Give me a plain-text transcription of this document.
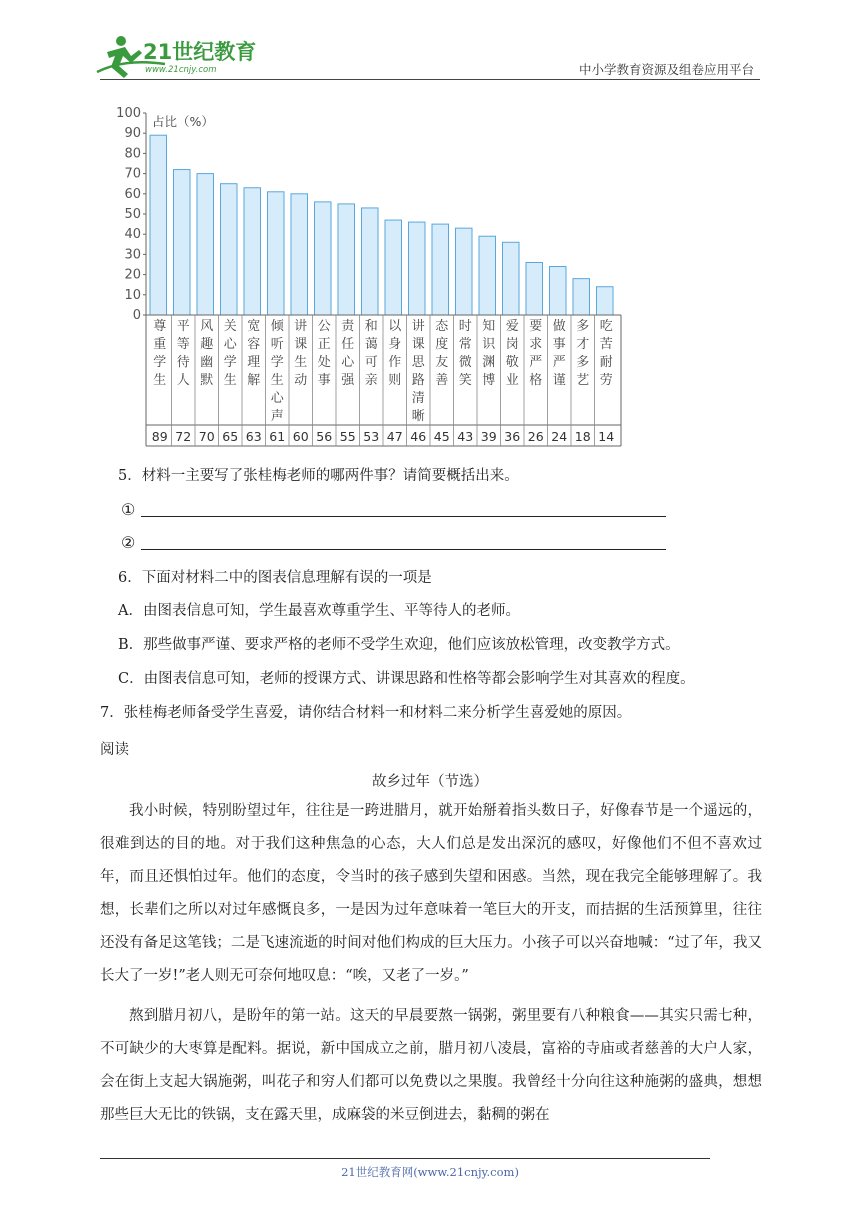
21世纪教育
www.21cnjy.com	中小学教育资源及组卷应用平台
占比（%）
0
10
20
30
40
50
60
70
80
90
100
尊
重
学
生
89
平
等
待
人
72
风
趣
幽
默
70
关
心
学
生
65
宽
容
理
解
63
倾
听
学
生
心
声
61
讲
课
生
动
60
公
正
处
事
56
责
任
心
强
55
和
蔼
可
亲
53
以
身
作
则
47
讲
课
思
路
清
晰
46
态
度
友
善
45
时
常
微
笑
43
知
识
渊
博
39
爱
岗
敬
业
36
要
求
严
格
26
做
事
严
谨
24
多
才
多
艺
18
吃
苦
耐
劳
14
5．材料一主要写了张桂梅老师的哪两件事？请简要概括出来。
①
②
6．下面对材料二中的图表信息理解有误的一项是
A．由图表信息可知，学生最喜欢尊重学生、平等待人的老师。
B．那些做事严谨、要求严格的老师不受学生欢迎，他们应该放松管理，改变教学方式。
C．由图表信息可知，老师的授课方式、讲课思路和性格等都会影响学生对其喜欢的程度。
7．张桂梅老师备受学生喜爱，请你结合材料一和材料二来分析学生喜爱她的原因。
阅读
故乡过年（节选）
我小时候，特别盼望过年，往往是一跨进腊月，就开始掰着指头数日子，好像春节是一个遥远的，很难到达的目的地。对于我们这种焦急的心态，大人们总是发出深沉的感叹，好像他们不但不喜欢过年，而且还惧怕过年。他们的态度，令当时的孩子感到失望和困惑。当然，现在我完全能够理解了。我想，长辈们之所以对过年感慨良多，一是因为过年意味着一笔巨大的开支，而拮据的生活预算里，往往还没有备足这笔钱；二是飞速流逝的时间对他们构成的巨大压力。小孩子可以兴奋地喊：“过了年，我又长大了一岁!”老人则无可奈何地叹息：“唉，又老了一岁。”
熬到腊月初八，是盼年的第一站。这天的早晨要熬一锅粥，粥里要有八种粮食——其实只需七种，不可缺少的大枣算是配料。据说，新中国成立之前，腊月初八凌晨，富裕的寺庙或者慈善的大户人家，会在街上支起大锅施粥，叫花子和穷人们都可以免费以之果腹。我曾经十分向往这种施粥的盛典，想想那些巨大无比的铁锅，支在露天里，成麻袋的米豆倒进去，黏稠的粥在
21世纪教育网(www.21cnjy.com)
